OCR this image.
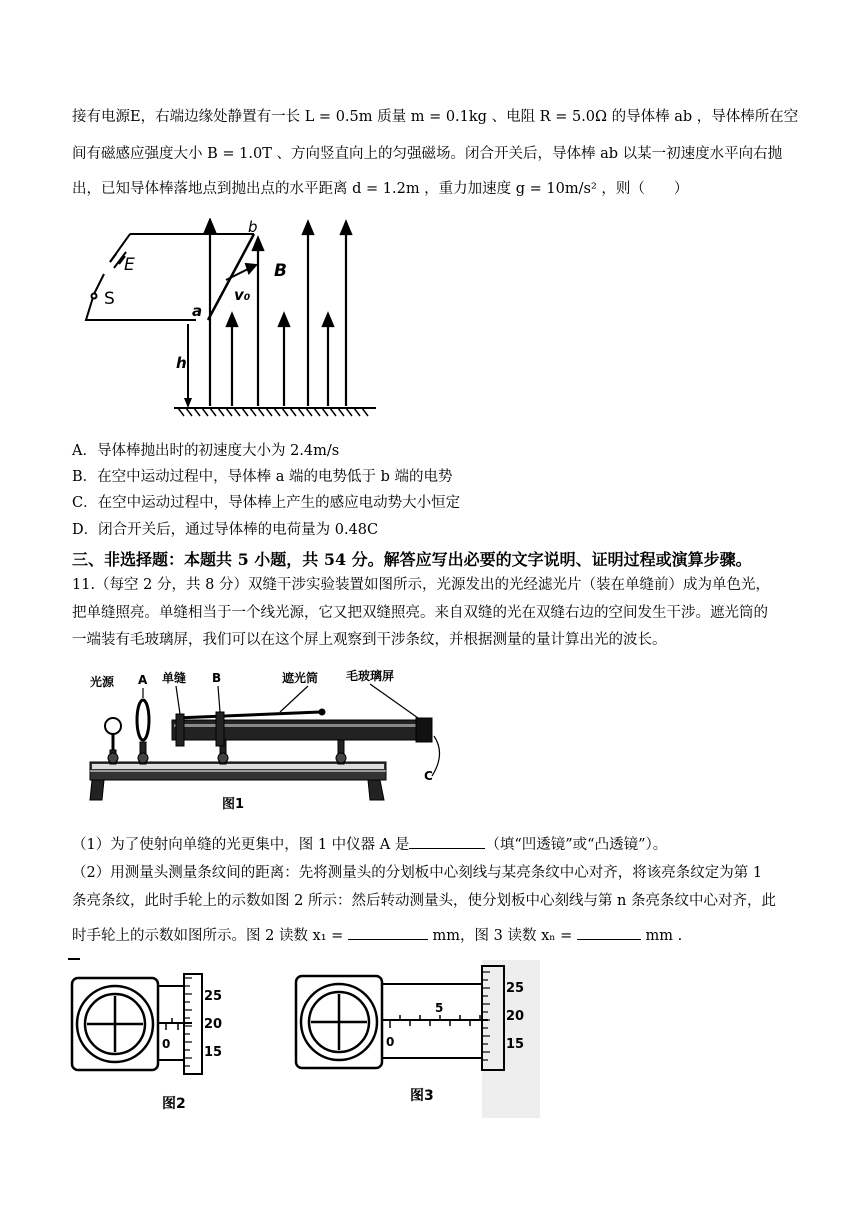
接有电源E，右端边缘处静置有一长 L = 0.5m 质量 m = 0.1kg 、电阻 R = 5.0Ω 的导体棒 ab ，导体棒所在空
间有磁感应强度大小 B = 1.0T 、方向竖直向上的匀强磁场。闭合开关后，导体棒 ab 以某一初速度水平向右抛
出，已知导体棒落地点到抛出点的水平距离 d = 1.2m ，重力加速度 g = 10m/s² ，则（　　）
b
E	B
v₀
S
a
h
A．导体棒抛出时的初速度大小为 2.4m/s
B．在空中运动过程中，导体棒 a 端的电势低于 b 端的电势
C．在空中运动过程中，导体棒上产生的感应电动势大小恒定
D．闭合开关后，通过导体棒的电荷量为 0.48C
三、非选择题：本题共 5 小题，共 54 分。解答应写出必要的文字说明、证明过程或演算步骤。
11.（每空 2 分，共 8 分）双缝干涉实验装置如图所示，光源发出的光经滤光片（装在单缝前）成为单色光，
把单缝照亮。单缝相当于一个线光源，它又把双缝照亮。来自双缝的光在双缝右边的空间发生干涉。遮光筒的
一端装有毛玻璃屏，我们可以在这个屏上观察到干涉条纹，并根据测量的量计算出光的波长。
光源 A 单缝 B	遮光筒 毛玻璃屏
C
图1
（1）为了使射向单缝的光更集中，图 1 中仪器 A 是	（填“凹透镜”或“凸透镜”）。
（2）用测量头测量条纹间的距离：先将测量头的分划板中心刻线与某亮条纹中心对齐，将该亮条纹定为第 1
条亮条纹，此时手轮上的示数如图 2 所示：然后转动测量头，使分划板中心刻线与第 n 条亮条纹中心对齐，此
时手轮上的示数如图所示。图 2 读数 x₁ =	mm，图 3 读数 xₙ =	mm .
25
20
15
0
图2
25
20
15
0
5
图3
